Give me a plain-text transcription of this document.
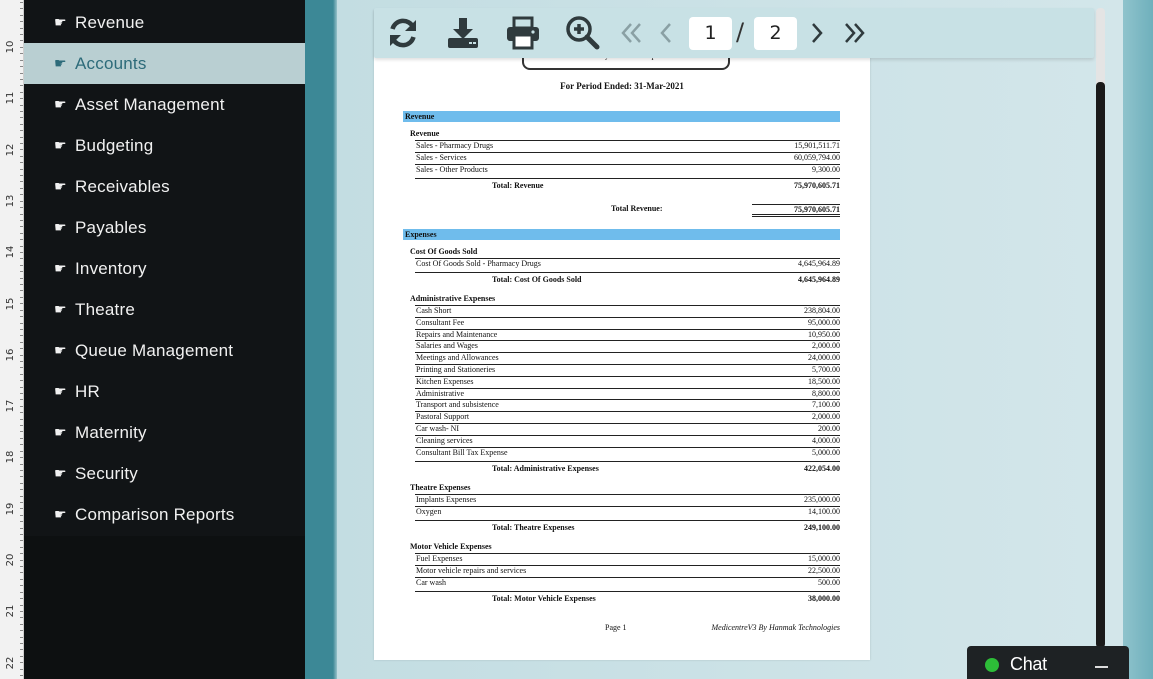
10
11
12
13
14
15
16
17
18
19
20
21
22
☛ Revenue
☛ Accounts
☛ Asset Management
☛ Budgeting
☛ Receivables
☛ Payables
☛ Inventory
☛ Theatre
☛ Queue Management
☛ HR
☛ Maternity
☛ Security
☛ Comparison Reports
For Period Ended: 31-Mar-2021
Page 1	MedicentreV3 By Hanmak Technologies
Revenue
Revenue
Sales - Pharmacy Drugs	15,901,511.71
Sales - Services	60,059,794.00
Sales - Other Products	9,300.00
Total: Revenue	75,970,605.71
Total Revenue:	75,970,605.71
Expenses
Cost Of Goods Sold
Cost Of Goods Sold - Pharmacy Drugs	4,645,964.89
Total: Cost Of Goods Sold	4,645,964.89
Administrative Expenses
Cash Short	238,804.00
Consultant Fee	95,000.00
Repairs and Maintenance	10,950.00
Salaries and Wages	2,000.00
Meetings and Allowances	24,000.00
Printing and Stationeries	5,700.00
Kitchen Expenses	18,500.00
Administrative	8,800.00
Transport and subsistence	7,100.00
Pastoral Support	2,000.00
Car wash- NI	200.00
Cleaning services	4,000.00
Consultant Bill Tax Expense	5,000.00
Total: Administrative Expenses	422,054.00
Theatre Expenses
Implants Expenses	235,000.00
Oxygen	14,100.00
Total: Theatre Expenses	249,100.00
Motor Vehicle Expenses
Fuel Expenses	15,000.00
Motor vehicle repairs and services	22,500.00
Car wash	500.00
Total: Motor Vehicle Expenses	38,000.00
1
/	2
Chat
